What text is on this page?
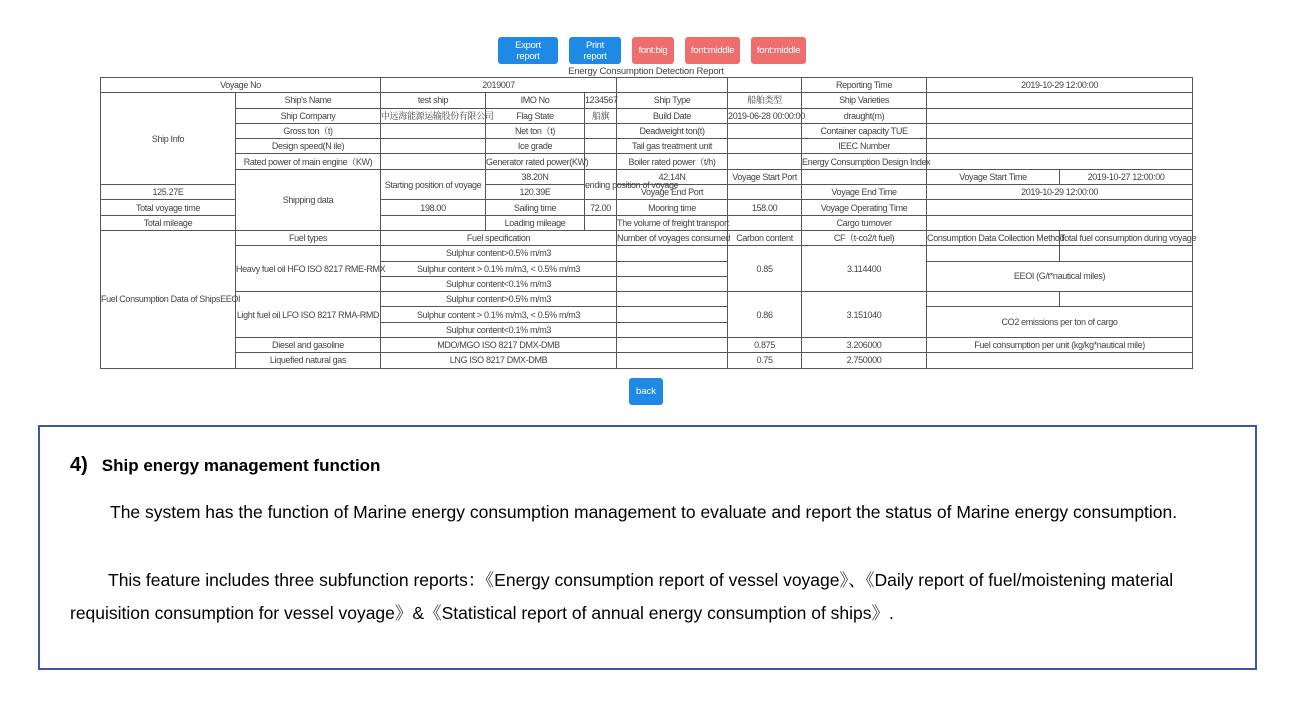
Export report
Print report	font:big	font:middle	font:middle
Energy Consumption Detection Report
Voyage No		2019007					Reporting Time	2019-10-29 12:00:00	
Ship Info	Ship's Name	test ship	IMO No	1234567	Ship Type	船舶类型	Ship Varieties		
	Ship Company	中远海能源运输股份有限公司	Flag State	船旗	Build Date	2019-06-28 00:00:00	draught(m)		
	Gross ton（t)		Net ton（t)		Deadweight ton(t)		Container capacity TUE		
	Design speed(N ile)		Ice grade		Tail gas treatment unit		IEEC Number		
	Rated power of main engine（KW)		Generator rated power(KW)		Boiler rated power（t/h)		Energy Consumption Design Index		
	Shipping data	Starting position of voyage	38.20N	ending position of voyage	42.14N	Voyage Start Port		Voyage Start Time	2019-10-27 12:00:00
125.27E			120.39E		Voyage End Port		Voyage End Time	2019-10-29 12:00:00	
Total voyage time		198.00	Sailing time	72.00	Mooring time	158.00	Voyage Operating Time		
Total mileage			Loading mileage		The volume of freight transport		Cargo turnover		
Fuel Consumption Data of ShipsEEOI	Fuel types	Fuel specification			Number of voyages consumed	Carbon content	CF（t-co2/t fuel)	Consumption Data Collection Method	Total fuel consumption during voyage
	Heavy fuel oil HFO ISO 8217 RME-RMX	Sulphur content>0.5% m/m3				0.85	3.114400		
		Sulphur content > 0.1% m/m3, < 0.5% m/m3						EEOI (G/t*nautical miles)	
		Sulphur content<0.1% m/m3							
	Light fuel oil LFO ISO 8217 RMA-RMD	Sulphur content>0.5% m/m3				0.86	3.151040		
		Sulphur content > 0.1% m/m3, < 0.5% m/m3						CO2 emissions per ton of cargo	
		Sulphur content<0.1% m/m3							
	Diesel and gasoline	MDO/MGO ISO 8217 DMX-DMB				0.875	3.206000	Fuel consumption per unit (kg/kg*nautical mile)	
	Liquefied natural gas	LNG ISO 8217 DMX-DMB				0.75	2.750000		
back
4) Ship energy management function
The system has the function of Marine energy consumption management to evaluate and report the status of Marine energy consumption.
This feature includes three subfunction reports：《Energy consumption report of vessel voyage》、《Daily report of fuel/moistening material requisition consumption for vessel voyage》&《Statistical report of annual energy consumption of ships》.
